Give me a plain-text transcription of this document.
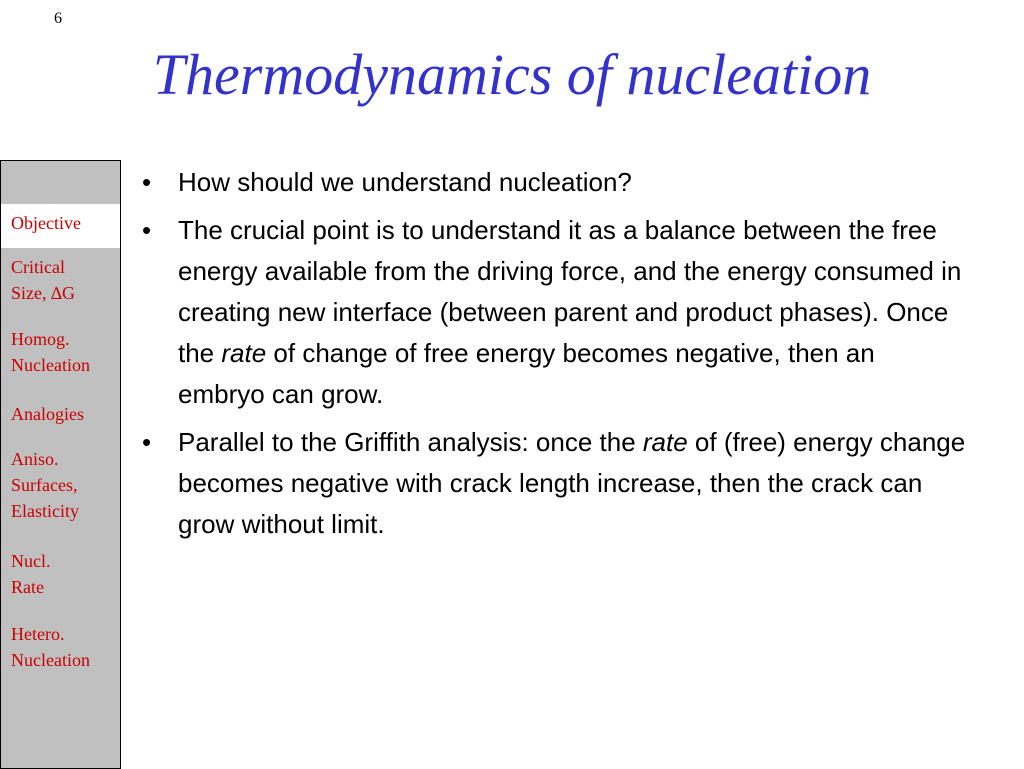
6
Thermodynamics of nucleation
Objective
Critical
Size, ∆G
Homog.
Nucleation
Analogies
Aniso.
Surfaces,
Elasticity
Nucl.
Rate
Hetero.
Nucleation
• How should we understand nucleation?
• The crucial point is to understand it as a balance between the free energy available from the driving force, and the energy consumed in creating new interface (between parent and product phases). Once the rate of change of free energy becomes negative, then an embryo can grow.
• Parallel to the Griffith analysis: once the rate of (free) energy change becomes negative with crack length increase, then the crack can grow without limit.
